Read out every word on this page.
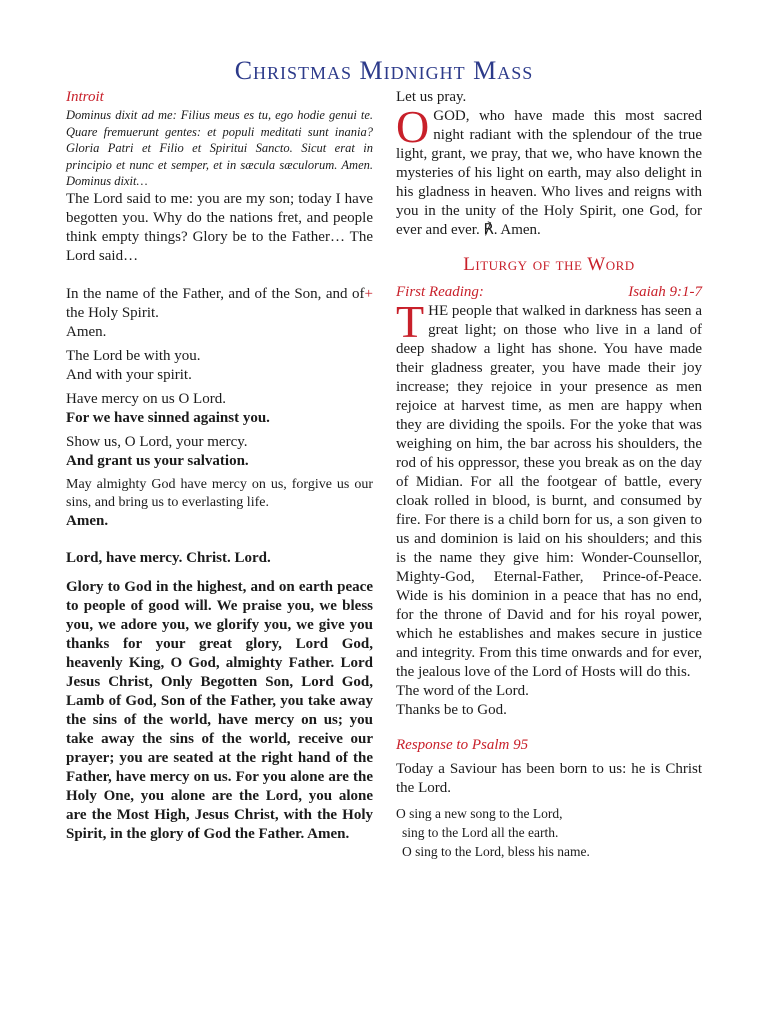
Christmas Midnight Mass

Introit

Dominus dixit ad me: Filius meus es tu, ego hodie genui te. Quare fremuerunt gentes: et populi meditati sunt inania? Gloria Patri et Filio et Spiritui Sancto. Sicut erat in principio et nunc et semper, et in sæcula sæculorum. Amen. Dominus dixit…

The Lord said to me: you are my son; today I have begotten you. Why do the nations fret, and people think empty things? Glory be to the Father… The Lord said…

+
In the name of the Father, and of the Son, and of the Holy Spirit.

Amen.

The Lord be with you.

And with your spirit.

Have mercy on us O Lord.

For we have sinned against you.

Show us, O Lord, your mercy.

And grant us your salvation.

May almighty God have mercy on us, forgive us our sins, and bring us to everlasting life.

Amen.

Lord, have mercy. Christ. Lord.

Glory to God in the highest, and on earth peace to people of good will. We praise you, we bless you, we adore you, we glorify you, we give you thanks for your great glory, Lord God, heavenly King, O God, almighty Father. Lord Jesus Christ, Only Begotten Son, Lord God, Lamb of God, Son of the Father, you take away the sins of the world, have mercy on us; you take away the sins of the world, receive our prayer; you are seated at the right hand of the Father, have mercy on us. For you alone are the Holy One, you alone are the Lord, you alone are the Most High, Jesus Christ, with the Holy Spirit, in the glory of God the Father. Amen.

Let us pray.

O GOD, who have made this most sacred night radiant with the splendour of the true light, grant, we pray, that we, who have known the mysteries of his light on earth, may also delight in his gladness in heaven. Who lives and reigns with you in the unity of the Holy Spirit, one God, for ever and ever. ℟. Amen.

Liturgy of the Word
First Reading:	Isaiah 9:1-7

T HE people that walked in darkness has seen a great light; on those who live in a land of deep shadow a light has shone. You have made their gladness greater, you have made their joy increase; they rejoice in your presence as men rejoice at harvest time, as men are happy when they are dividing the spoils. For the yoke that was weighing on him, the bar across his shoulders, the rod of his oppressor, these you break as on the day of Midian. For all the footgear of battle, every cloak rolled in blood, is burnt, and consumed by fire. For there is a child born for us, a son given to us and dominion is laid on his shoulders; and this is the name they give him: Wonder-Counsellor, Mighty-God, Eternal-Father, Prince-of-Peace. Wide is his dominion in a peace that has no end, for the throne of David and for his royal power, which he establishes and makes secure in justice and integrity. From this time onwards and for ever, the jealous love of the Lord of Hosts will do this.

The word of the Lord.

Thanks be to God.

Response to Psalm 95

Today a Saviour has been born to us: he is Christ the Lord.

O sing a new song to the Lord,

sing to the Lord all the earth.

O sing to the Lord, bless his name.
